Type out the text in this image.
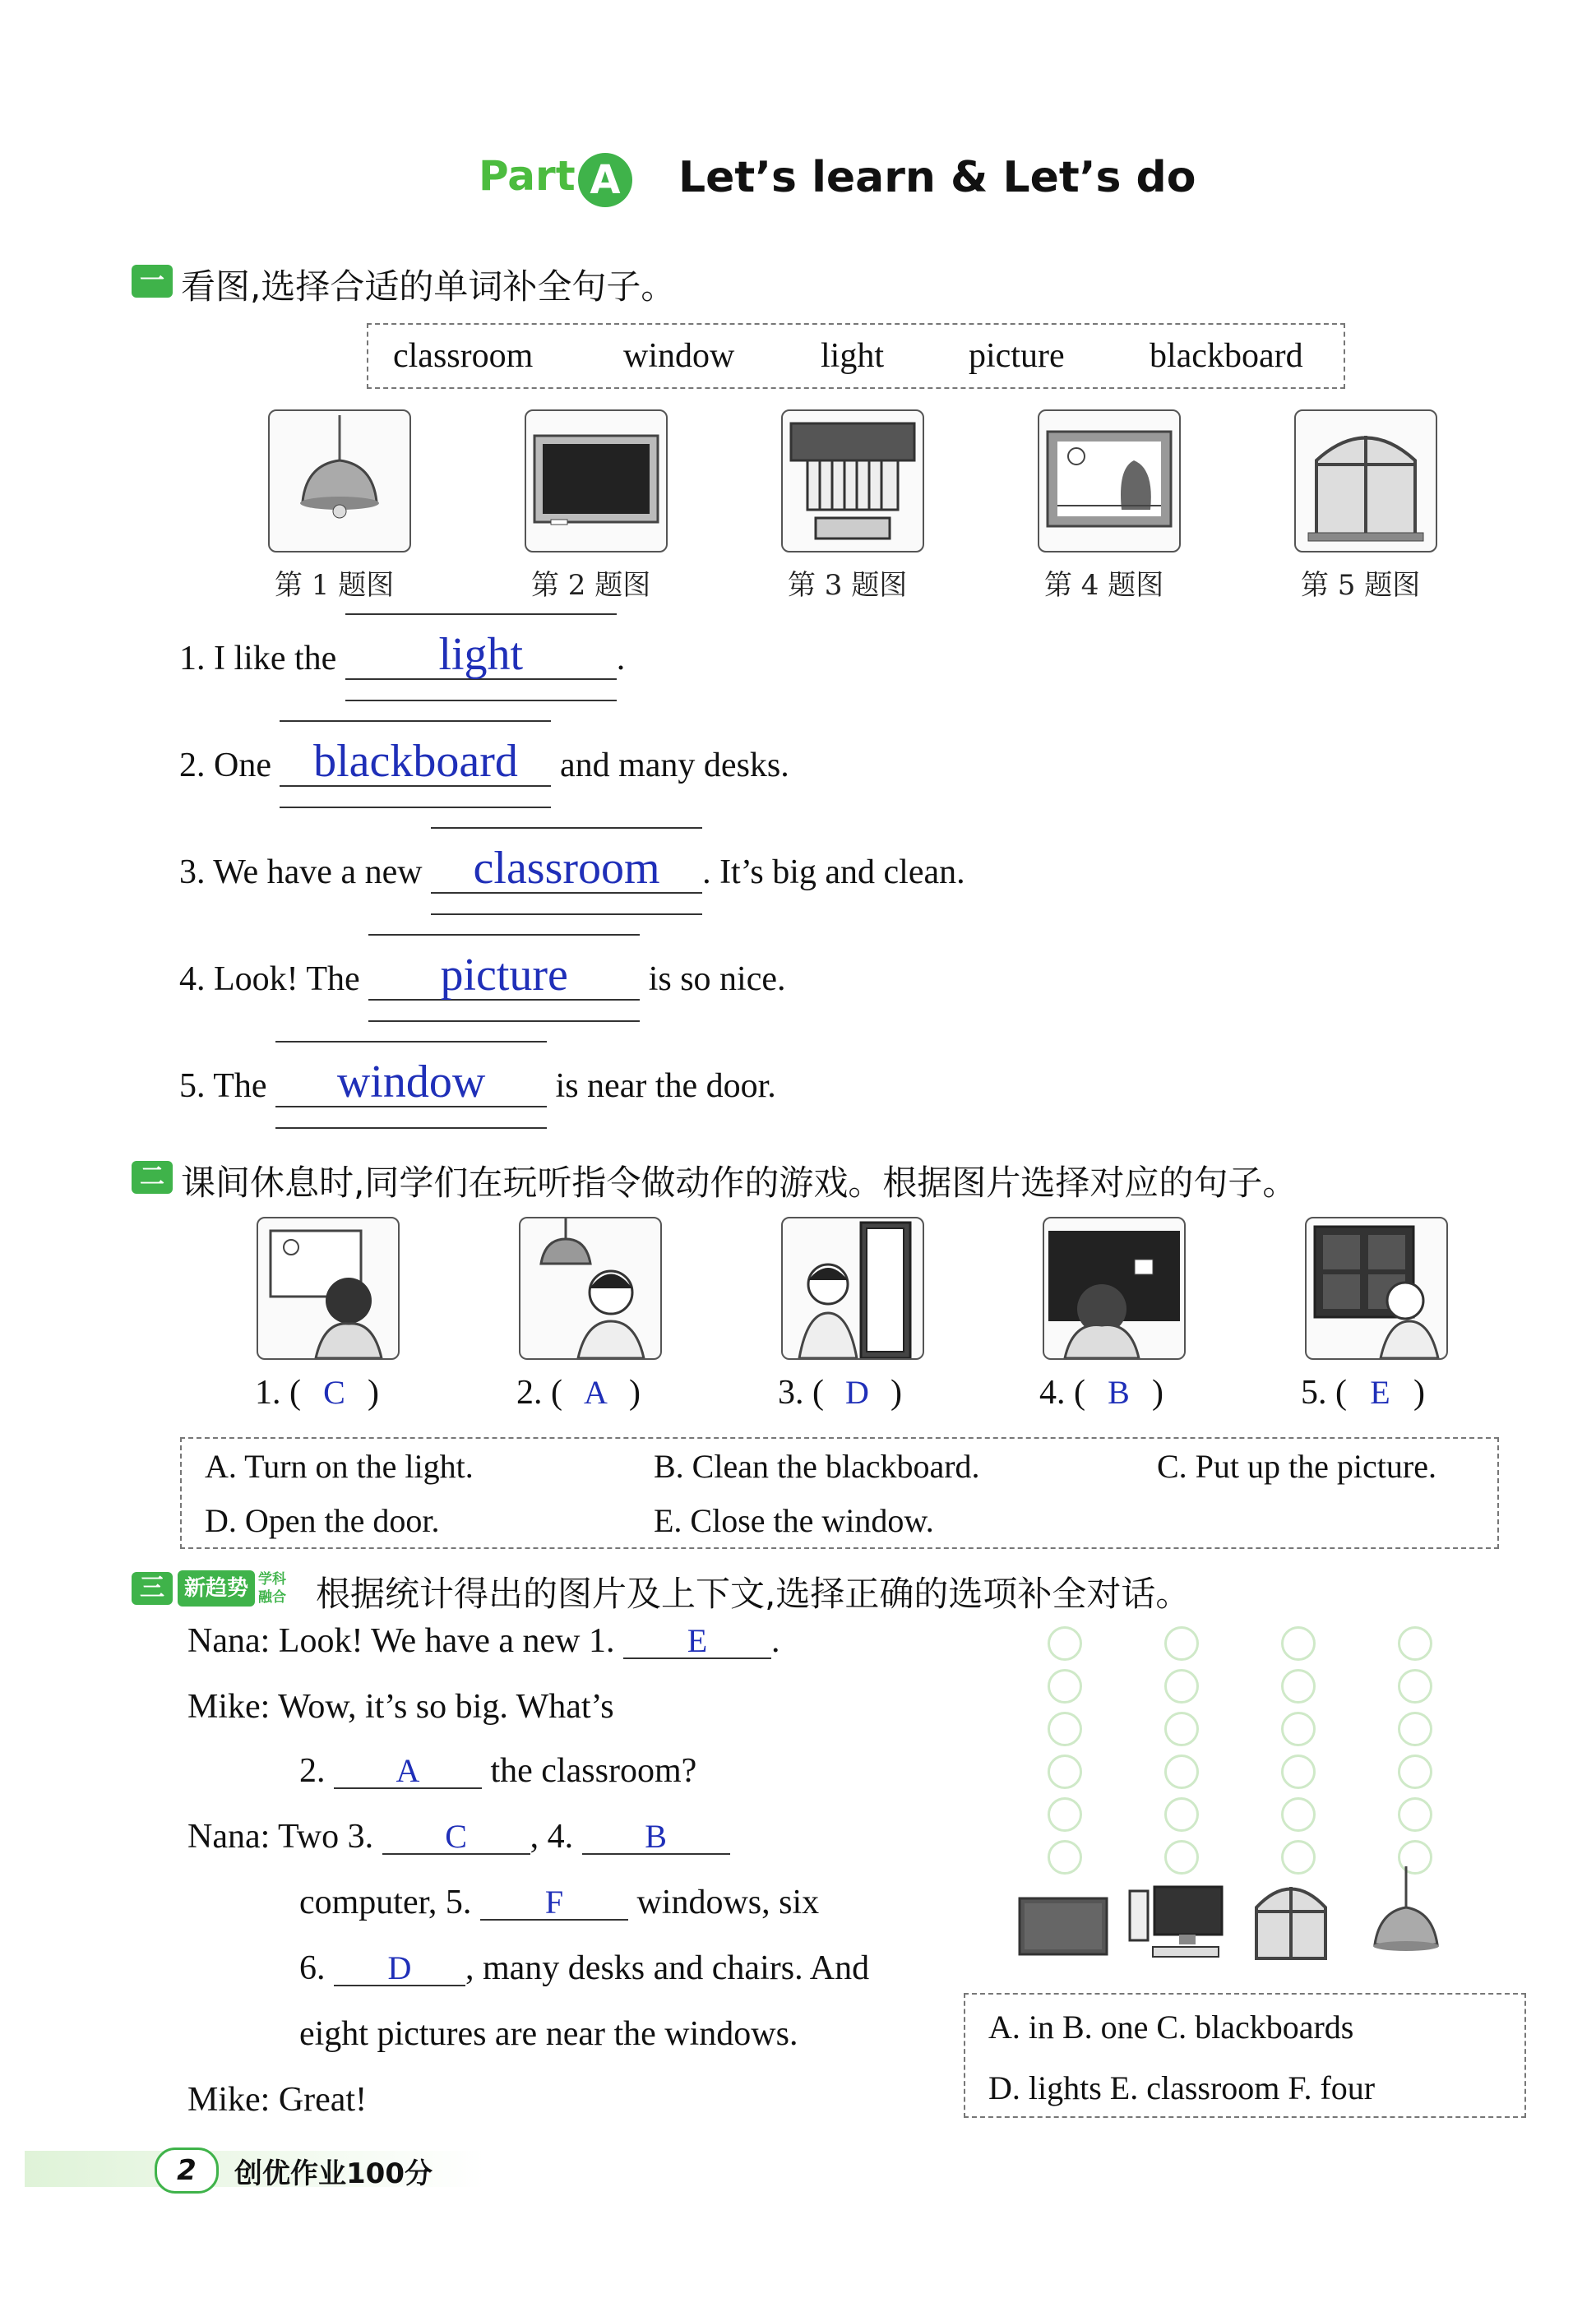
Part A Let’s learn & Let’s do
一 看图,选择合适的单词补全句子。
classroom	window light picture blackboard
第 1 题图	第 2 题图	第 3 题图	第 4 题图	第 5 题图
1. I like the light	.
2. One blackboard and many desks.
3. We have a new classroom . It’s big and clean.
4. Look! The picture is so nice.
5. The window is near the door.
二 课间休息时,同学们在玩听指令做动作的游戏。根据图片选择对应的句子。
1. ( C )	2. ( A )	3. ( D )	4. ( B )	5. ( E )
A. Turn on the light.	B. Clean the blackboard.	C. Put up the picture.
D. Open the door.	E. Close the window.
三 新趋势 学科
融合 根据统计得出的图片及上下文,选择正确的选项补全对话。
Nana: Look! We have a new 1. E .
Mike: Wow, it’s so big. What’s
2. A the classroom?
Nana: Two 3. C , 4. B
computer, 5. F windows, six
6. D , many desks and chairs. And
eight pictures are near the windows.
Mike: Great!
A. in B. one C. blackboards
D. lights E. classroom F. four
2	创优作业100分
